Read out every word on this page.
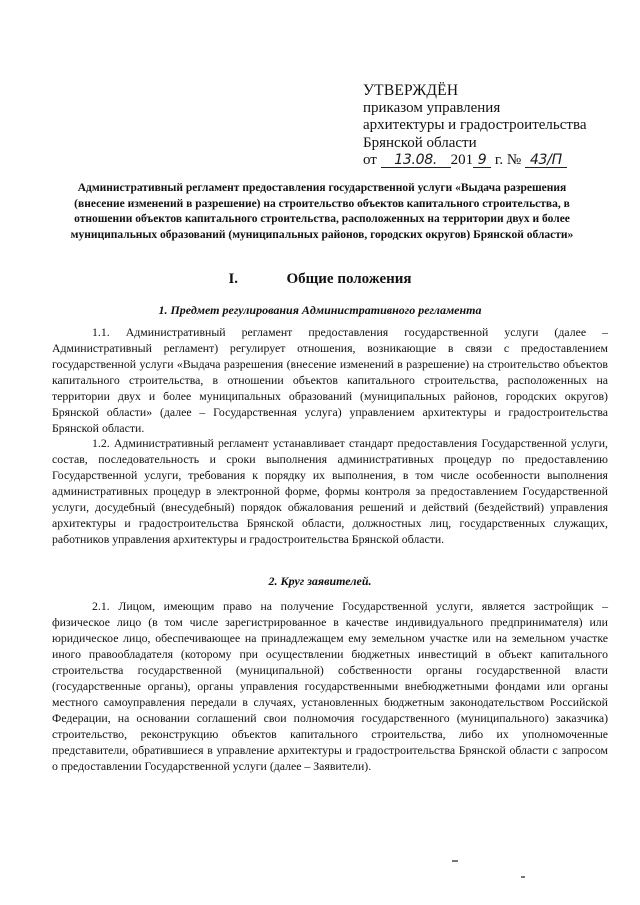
УТВЕРЖДЁН
приказом управления
архитектуры и градостроительства
Брянской области
от 13.08. 201 9 г. № 43/П
Административный регламент предоставления государственной услуги «Выдача разрешения (внесение изменений в разрешение) на строительство объектов капитального строительства, в отношении объектов капитального строительства, расположенных на территории двух и более муниципальных образований (муниципальных районов, городских округов) Брянской области»
I.	Общие положения
1. Предмет регулирования Административного регламента
1.1. Административный регламент предоставления государственной услуги (далее – Административный регламент) регулирует отношения, возникающие в связи с предоставлением государственной услуги «Выдача разрешения (внесение изменений в разрешение) на строительство объектов капитального строительства, в отношении объектов капитального строительства, расположенных на территории двух и более муниципальных образований (муниципальных районов, городских округов) Брянской области» (далее – Государственная услуга) управлением архитектуры и градостроительства Брянской области.
1.2. Административный регламент устанавливает стандарт предоставления Государственной услуги, состав, последовательность и сроки выполнения административных процедур по предоставлению Государственной услуги, требования к порядку их выполнения, в том числе особенности выполнения административных процедур в электронной форме, формы контроля за предоставлением Государственной услуги, досудебный (внесудебный) порядок обжалования решений и действий (бездействий) управления архитектуры и градостроительства Брянской области, должностных лиц, государственных служащих, работников управления архитектуры и градостроительства Брянской области.
2. Круг заявителей.
2.1. Лицом, имеющим право на получение Государственной услуги, является застройщик – физическое лицо (в том числе зарегистрированное в качестве индивидуального предпринимателя) или юридическое лицо, обеспечивающее на принадлежащем ему земельном участке или на земельном участке иного правообладателя (которому при осуществлении бюджетных инвестиций в объект капитального строительства государственной (муниципальной) собственности органы государственной власти (государственные органы), органы управления государственными внебюджетными фондами или органы местного самоуправления передали в случаях, установленных бюджетным законодательством Российской Федерации, на основании соглашений свои полномочия государственного (муниципального) заказчика) строительство, реконструкцию объектов капитального строительства, либо их уполномоченные представители, обратившиеся в управление архитектуры и градостроительства Брянской области с запросом о предоставлении Государственной услуги (далее – Заявители).
